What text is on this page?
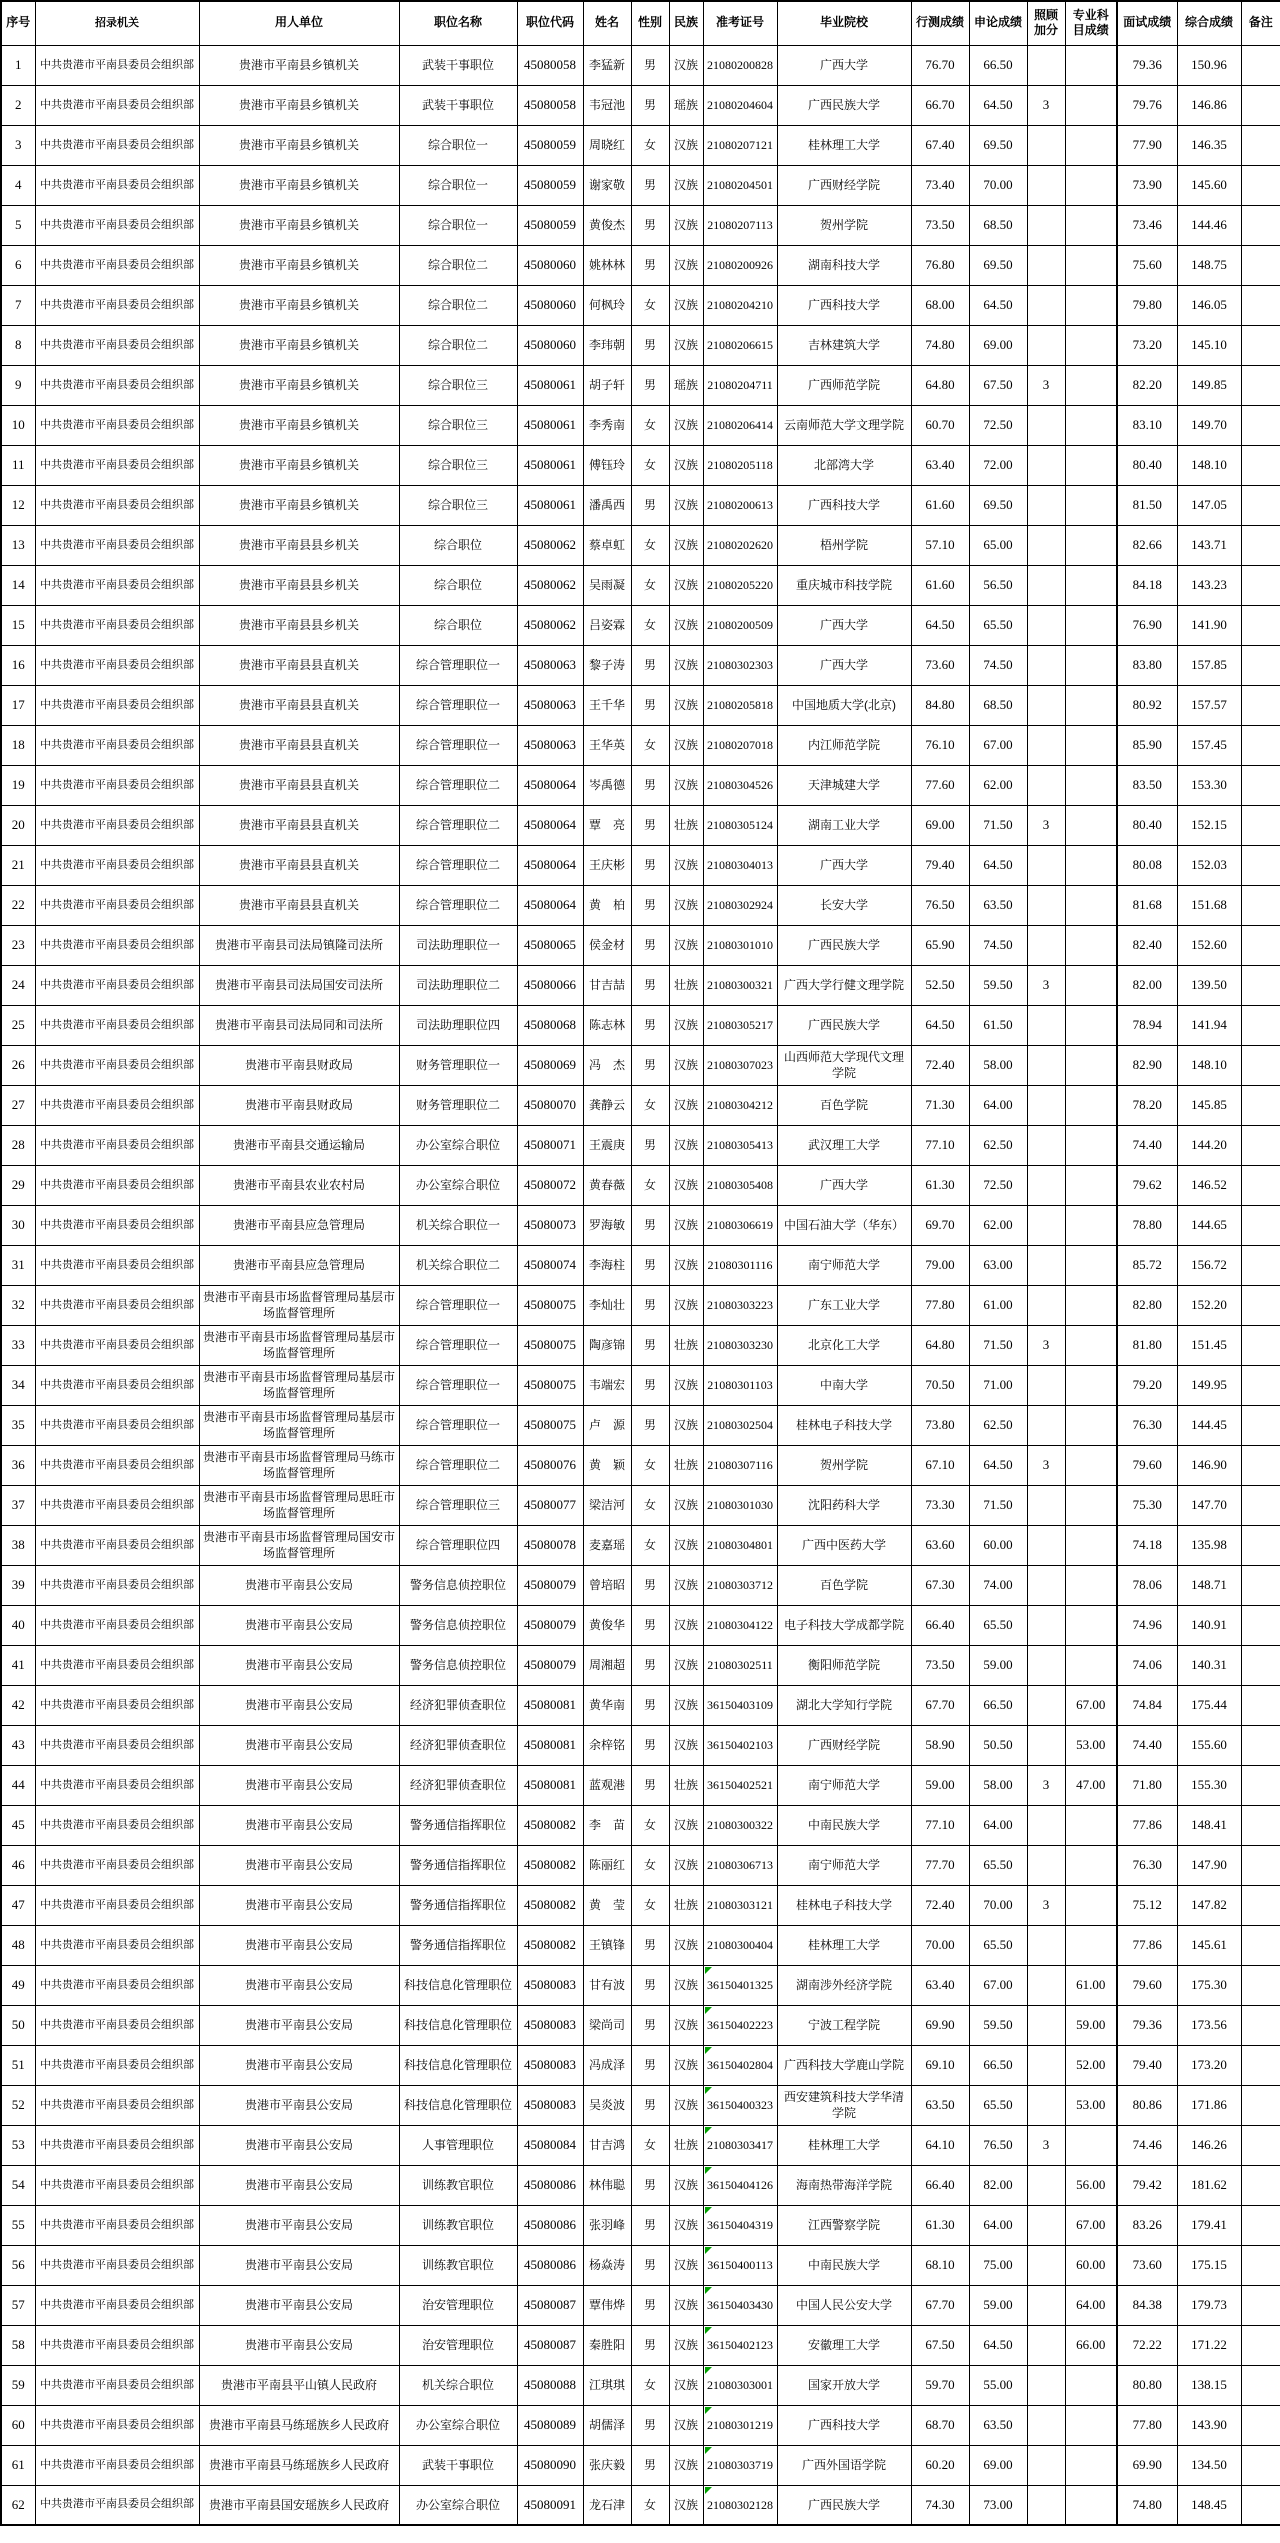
序号	招录机关	用人单位	职位名称	职位代码	姓名	性别	民族	准考证号	毕业院校	行测成绩	申论成绩	照顾加分	专业科目成绩	面试成绩	综合成绩	备注
1	中共贵港市平南县委员会组织部	贵港市平南县乡镇机关	武装干事职位	45080058	李猛新	男	汉族	21080200828	广西大学	76.70	66.50			79.36	150.96	
2	中共贵港市平南县委员会组织部	贵港市平南县乡镇机关	武装干事职位	45080058	韦冠池	男	瑶族	21080204604	广西民族大学	66.70	64.50	3		79.76	146.86	
3	中共贵港市平南县委员会组织部	贵港市平南县乡镇机关	综合职位一	45080059	周晓红	女	汉族	21080207121	桂林理工大学	67.40	69.50			77.90	146.35	
4	中共贵港市平南县委员会组织部	贵港市平南县乡镇机关	综合职位一	45080059	谢家敬	男	汉族	21080204501	广西财经学院	73.40	70.00			73.90	145.60	
5	中共贵港市平南县委员会组织部	贵港市平南县乡镇机关	综合职位一	45080059	黄俊杰	男	汉族	21080207113	贺州学院	73.50	68.50			73.46	144.46	
6	中共贵港市平南县委员会组织部	贵港市平南县乡镇机关	综合职位二	45080060	姚林林	男	汉族	21080200926	湖南科技大学	76.80	69.50			75.60	148.75	
7	中共贵港市平南县委员会组织部	贵港市平南县乡镇机关	综合职位二	45080060	何枫玲	女	汉族	21080204210	广西科技大学	68.00	64.50			79.80	146.05	
8	中共贵港市平南县委员会组织部	贵港市平南县乡镇机关	综合职位二	45080060	李玮朝	男	汉族	21080206615	吉林建筑大学	74.80	69.00			73.20	145.10	
9	中共贵港市平南县委员会组织部	贵港市平南县乡镇机关	综合职位三	45080061	胡子轩	男	瑶族	21080204711	广西师范学院	64.80	67.50	3		82.20	149.85	
10	中共贵港市平南县委员会组织部	贵港市平南县乡镇机关	综合职位三	45080061	李秀南	女	汉族	21080206414	云南师范大学文理学院	60.70	72.50			83.10	149.70	
11	中共贵港市平南县委员会组织部	贵港市平南县乡镇机关	综合职位三	45080061	傅钰玲	女	汉族	21080205118	北部湾大学	63.40	72.00			80.40	148.10	
12	中共贵港市平南县委员会组织部	贵港市平南县乡镇机关	综合职位三	45080061	潘禹西	男	汉族	21080200613	广西科技大学	61.60	69.50			81.50	147.05	
13	中共贵港市平南县委员会组织部	贵港市平南县县乡机关	综合职位	45080062	蔡卓虹	女	汉族	21080202620	梧州学院	57.10	65.00			82.66	143.71	
14	中共贵港市平南县委员会组织部	贵港市平南县县乡机关	综合职位	45080062	吴雨凝	女	汉族	21080205220	重庆城市科技学院	61.60	56.50			84.18	143.23	
15	中共贵港市平南县委员会组织部	贵港市平南县县乡机关	综合职位	45080062	吕姿霖	女	汉族	21080200509	广西大学	64.50	65.50			76.90	141.90	
16	中共贵港市平南县委员会组织部	贵港市平南县县直机关	综合管理职位一	45080063	黎子涛	男	汉族	21080302303	广西大学	73.60	74.50			83.80	157.85	
17	中共贵港市平南县委员会组织部	贵港市平南县县直机关	综合管理职位一	45080063	王千华	男	汉族	21080205818	中国地质大学(北京)	84.80	68.50			80.92	157.57	
18	中共贵港市平南县委员会组织部	贵港市平南县县直机关	综合管理职位一	45080063	王华英	女	汉族	21080207018	内江师范学院	76.10	67.00			85.90	157.45	
19	中共贵港市平南县委员会组织部	贵港市平南县县直机关	综合管理职位二	45080064	岑禹德	男	汉族	21080304526	天津城建大学	77.60	62.00			83.50	153.30	
20	中共贵港市平南县委员会组织部	贵港市平南县县直机关	综合管理职位二	45080064	覃　亮	男	壮族	21080305124	湖南工业大学	69.00	71.50	3		80.40	152.15	
21	中共贵港市平南县委员会组织部	贵港市平南县县直机关	综合管理职位二	45080064	王庆彬	男	汉族	21080304013	广西大学	79.40	64.50			80.08	152.03	
22	中共贵港市平南县委员会组织部	贵港市平南县县直机关	综合管理职位二	45080064	黄　柏	男	汉族	21080302924	长安大学	76.50	63.50			81.68	151.68	
23	中共贵港市平南县委员会组织部	贵港市平南县司法局镇隆司法所	司法助理职位一	45080065	侯金材	男	汉族	21080301010	广西民族大学	65.90	74.50			82.40	152.60	
24	中共贵港市平南县委员会组织部	贵港市平南县司法局国安司法所	司法助理职位二	45080066	甘吉喆	男	壮族	21080300321	广西大学行健文理学院	52.50	59.50	3		82.00	139.50	
25	中共贵港市平南县委员会组织部	贵港市平南县司法局同和司法所	司法助理职位四	45080068	陈志林	男	汉族	21080305217	广西民族大学	64.50	61.50			78.94	141.94	
26	中共贵港市平南县委员会组织部	贵港市平南县财政局	财务管理职位一	45080069	冯　杰	男	汉族	21080307023	山西师范大学现代文理学院	72.40	58.00			82.90	148.10	
27	中共贵港市平南县委员会组织部	贵港市平南县财政局	财务管理职位二	45080070	龚静云	女	汉族	21080304212	百色学院	71.30	64.00			78.20	145.85	
28	中共贵港市平南县委员会组织部	贵港市平南县交通运输局	办公室综合职位	45080071	王震庚	男	汉族	21080305413	武汉理工大学	77.10	62.50			74.40	144.20	
29	中共贵港市平南县委员会组织部	贵港市平南县农业农村局	办公室综合职位	45080072	黄春薇	女	汉族	21080305408	广西大学	61.30	72.50			79.62	146.52	
30	中共贵港市平南县委员会组织部	贵港市平南县应急管理局	机关综合职位一	45080073	罗海敏	男	汉族	21080306619	中国石油大学（华东）	69.70	62.00			78.80	144.65	
31	中共贵港市平南县委员会组织部	贵港市平南县应急管理局	机关综合职位二	45080074	李海柱	男	汉族	21080301116	南宁师范大学	79.00	63.00			85.72	156.72	
32	中共贵港市平南县委员会组织部	贵港市平南县市场监督管理局基层市场监督管理所	综合管理职位一	45080075	李灿壮	男	汉族	21080303223	广东工业大学	77.80	61.00			82.80	152.20	
33	中共贵港市平南县委员会组织部	贵港市平南县市场监督管理局基层市场监督管理所	综合管理职位一	45080075	陶彦锦	男	壮族	21080303230	北京化工大学	64.80	71.50	3		81.80	151.45	
34	中共贵港市平南县委员会组织部	贵港市平南县市场监督管理局基层市场监督管理所	综合管理职位一	45080075	韦端宏	男	汉族	21080301103	中南大学	70.50	71.00			79.20	149.95	
35	中共贵港市平南县委员会组织部	贵港市平南县市场监督管理局基层市场监督管理所	综合管理职位一	45080075	卢　源	男	汉族	21080302504	桂林电子科技大学	73.80	62.50			76.30	144.45	
36	中共贵港市平南县委员会组织部	贵港市平南县市场监督管理局马练市场监督管理所	综合管理职位二	45080076	黄　颖	女	壮族	21080307116	贺州学院	67.10	64.50	3		79.60	146.90	
37	中共贵港市平南县委员会组织部	贵港市平南县市场监督管理局思旺市场监督管理所	综合管理职位三	45080077	梁洁河	女	汉族	21080301030	沈阳药科大学	73.30	71.50			75.30	147.70	
38	中共贵港市平南县委员会组织部	贵港市平南县市场监督管理局国安市场监督管理所	综合管理职位四	45080078	麦嘉瑶	女	汉族	21080304801	广西中医药大学	63.60	60.00			74.18	135.98	
39	中共贵港市平南县委员会组织部	贵港市平南县公安局	警务信息侦控职位	45080079	曾培昭	男	汉族	21080303712	百色学院	67.30	74.00			78.06	148.71	
40	中共贵港市平南县委员会组织部	贵港市平南县公安局	警务信息侦控职位	45080079	黄俊华	男	汉族	21080304122	电子科技大学成都学院	66.40	65.50			74.96	140.91	
41	中共贵港市平南县委员会组织部	贵港市平南县公安局	警务信息侦控职位	45080079	周湘超	男	汉族	21080302511	衡阳师范学院	73.50	59.00			74.06	140.31	
42	中共贵港市平南县委员会组织部	贵港市平南县公安局	经济犯罪侦查职位	45080081	黄华南	男	汉族	36150403109	湖北大学知行学院	67.70	66.50		67.00	74.84	175.44	
43	中共贵港市平南县委员会组织部	贵港市平南县公安局	经济犯罪侦查职位	45080081	余梓铭	男	汉族	36150402103	广西财经学院	58.90	50.50		53.00	74.40	155.60	
44	中共贵港市平南县委员会组织部	贵港市平南县公安局	经济犯罪侦查职位	45080081	蓝观港	男	壮族	36150402521	南宁师范大学	59.00	58.00	3	47.00	71.80	155.30	
45	中共贵港市平南县委员会组织部	贵港市平南县公安局	警务通信指挥职位	45080082	李　苗	女	汉族	21080300322	中南民族大学	77.10	64.00			77.86	148.41	
46	中共贵港市平南县委员会组织部	贵港市平南县公安局	警务通信指挥职位	45080082	陈丽红	女	汉族	21080306713	南宁师范大学	77.70	65.50			76.30	147.90	
47	中共贵港市平南县委员会组织部	贵港市平南县公安局	警务通信指挥职位	45080082	黄　莹	女	壮族	21080303121	桂林电子科技大学	72.40	70.00	3		75.12	147.82	
48	中共贵港市平南县委员会组织部	贵港市平南县公安局	警务通信指挥职位	45080082	王镇锋	男	汉族	21080300404	桂林理工大学	70.00	65.50			77.86	145.61	
49	中共贵港市平南县委员会组织部	贵港市平南县公安局	科技信息化管理职位	45080083	甘有波	男	汉族	36150401325	湖南涉外经济学院	63.40	67.00		61.00	79.60	175.30	
50	中共贵港市平南县委员会组织部	贵港市平南县公安局	科技信息化管理职位	45080083	梁尚司	男	汉族	36150402223	宁波工程学院	69.90	59.50		59.00	79.36	173.56	
51	中共贵港市平南县委员会组织部	贵港市平南县公安局	科技信息化管理职位	45080083	冯成泽	男	汉族	36150402804	广西科技大学鹿山学院	69.10	66.50		52.00	79.40	173.20	
52	中共贵港市平南县委员会组织部	贵港市平南县公安局	科技信息化管理职位	45080083	吴炎波	男	汉族	36150400323	西安建筑科技大学华清学院	63.50	65.50		53.00	80.86	171.86	
53	中共贵港市平南县委员会组织部	贵港市平南县公安局	人事管理职位	45080084	甘吉鸿	女	壮族	21080303417	桂林理工大学	64.10	76.50	3		74.46	146.26	
54	中共贵港市平南县委员会组织部	贵港市平南县公安局	训练教官职位	45080086	林伟聪	男	汉族	36150404126	海南热带海洋学院	66.40	82.00		56.00	79.42	181.62	
55	中共贵港市平南县委员会组织部	贵港市平南县公安局	训练教官职位	45080086	张羽峰	男	汉族	36150404319	江西警察学院	61.30	64.00		67.00	83.26	179.41	
56	中共贵港市平南县委员会组织部	贵港市平南县公安局	训练教官职位	45080086	杨焱涛	男	汉族	36150400113	中南民族大学	68.10	75.00		60.00	73.60	175.15	
57	中共贵港市平南县委员会组织部	贵港市平南县公安局	治安管理职位	45080087	覃伟烨	男	汉族	36150403430	中国人民公安大学	67.70	59.00		64.00	84.38	179.73	
58	中共贵港市平南县委员会组织部	贵港市平南县公安局	治安管理职位	45080087	秦胜阳	男	汉族	36150402123	安徽理工大学	67.50	64.50		66.00	72.22	171.22	
59	中共贵港市平南县委员会组织部	贵港市平南县平山镇人民政府	机关综合职位	45080088	江琪琪	女	汉族	21080303001	国家开放大学	59.70	55.00			80.80	138.15	
60	中共贵港市平南县委员会组织部	贵港市平南县马练瑶族乡人民政府	办公室综合职位	45080089	胡儒泽	男	汉族	21080301219	广西科技大学	68.70	63.50			77.80	143.90	
61	中共贵港市平南县委员会组织部	贵港市平南县马练瑶族乡人民政府	武装干事职位	45080090	张庆毅	男	汉族	21080303719	广西外国语学院	60.20	69.00			69.90	134.50	
62	中共贵港市平南县委员会组织部	贵港市平南县国安瑶族乡人民政府	办公室综合职位	45080091	龙石津	女	汉族	21080302128	广西民族大学	74.30	73.00			74.80	148.45	
